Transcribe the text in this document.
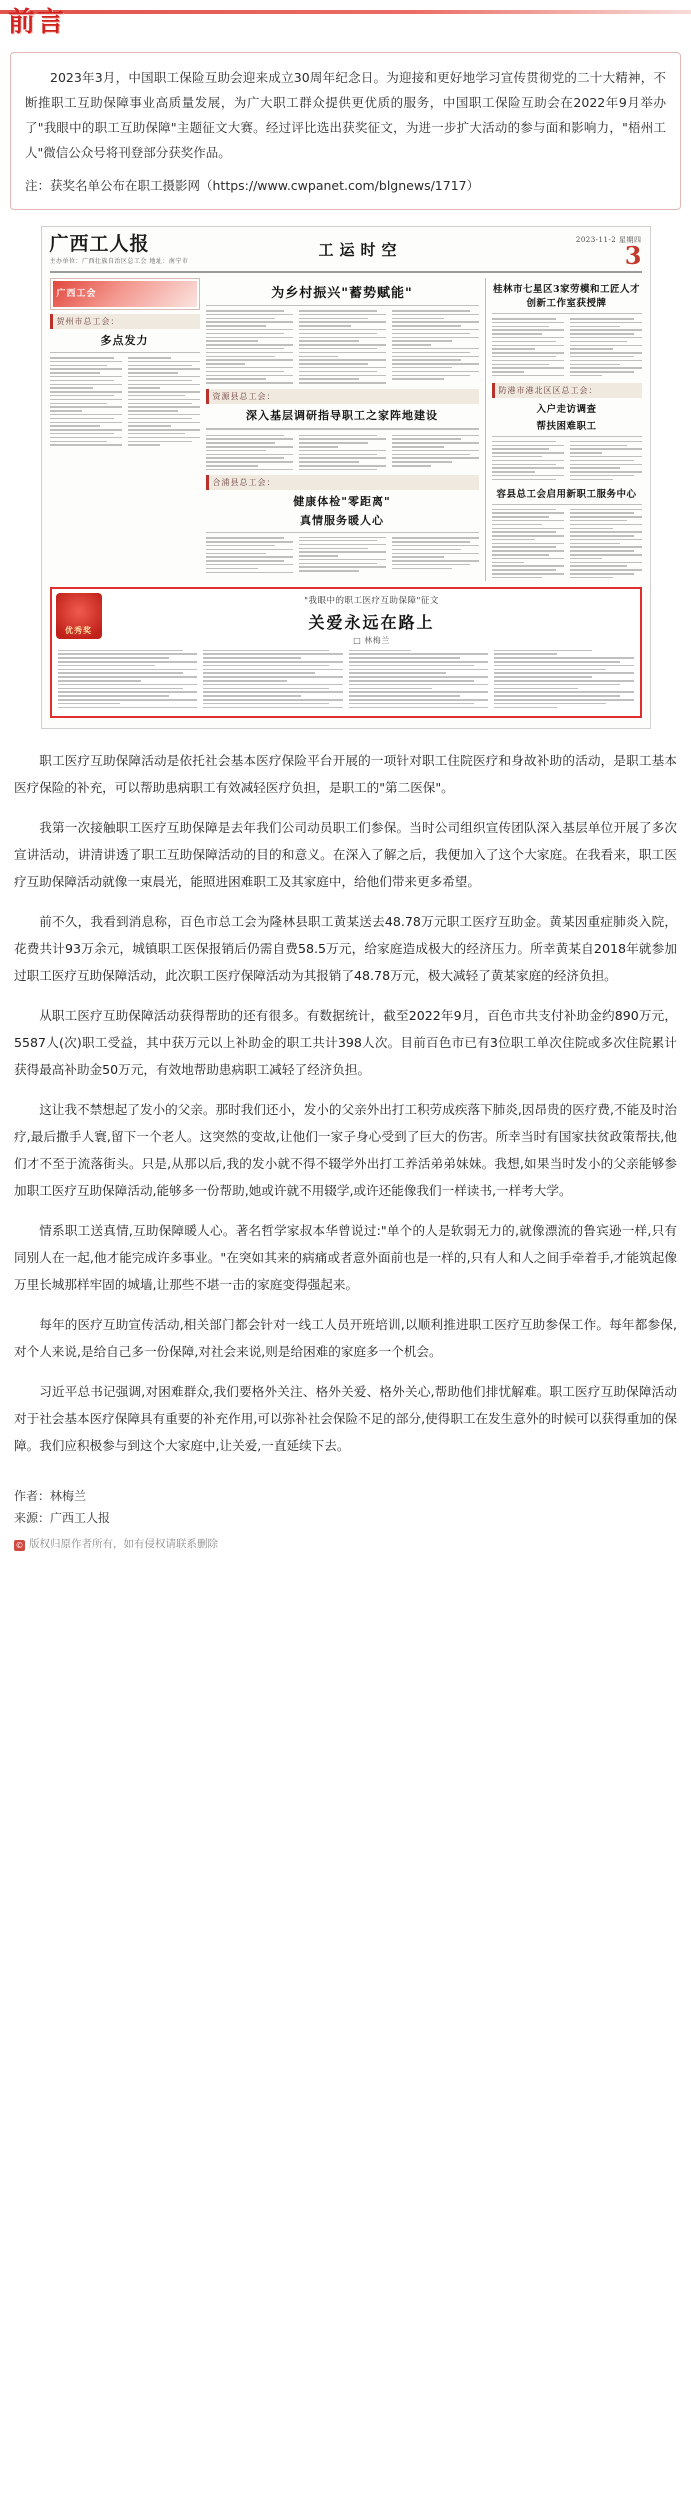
前言

2023年3月，中国职工保险互助会迎来成立30周年纪念日。为迎接和更好地学习宣传贯彻党的二十大精神，不断推职工互助保障事业高质量发展，为广大职工群众提供更优质的服务，中国职工保险互助会在2022年9月举办了"我眼中的职工互助保障"主题征文大赛。经过评比选出获奖征文，为进一步扩大活动的参与面和影响力，"梧州工人"微信公众号将刊登部分获奖作品。

注：获奖名单公布在职工摄影网（https://www.cwpanet.com/blgnews/1717）

广西工人报
主办单位：广西壮族自治区总工会 地址：南宁市
工运时空
2023-11-2 星期四
3
广西工会
贺州市总工会：
多点发力
为乡村振兴"蓄势赋能"
资源县总工会：
深入基层调研指导职工之家阵地建设
合浦县总工会：
健康体检"零距离"
真情服务暖人心
桂林市七星区3家劳模和工匠人才创新工作室获授牌
防港市港北区区总工会：
入户走访调查
帮扶困难职工
容县总工会启用新职工服务中心
优秀奖
"我眼中的职工医疗互助保障"征文
关爱永远在路上
□ 林梅兰

职工医疗互助保障活动是依托社会基本医疗保险平台开展的一项针对职工住院医疗和身故补助的活动，是职工基本医疗保险的补充，可以帮助患病职工有效减轻医疗负担，是职工的"第二医保"。

我第一次接触职工医疗互助保障是去年我们公司动员职工们参保。当时公司组织宣传团队深入基层单位开展了多次宣讲活动，讲清讲透了职工互助保障活动的目的和意义。在深入了解之后，我便加入了这个大家庭。在我看来，职工医疗互助保障活动就像一束晨光，能照进困难职工及其家庭中，给他们带来更多希望。

前不久，我看到消息称，百色市总工会为隆林县职工黄某送去48.78万元职工医疗互助金。黄某因重症肺炎入院，花费共计93万余元，城镇职工医保报销后仍需自费58.5万元，给家庭造成极大的经济压力。所幸黄某自2018年就参加过职工医疗互助保障活动，此次职工医疗保障活动为其报销了48.78万元，极大减轻了黄某家庭的经济负担。

从职工医疗互助保障活动获得帮助的还有很多。有数据统计，截至2022年9月，百色市共支付补助金约890万元，5587人(次)职工受益，其中获万元以上补助金的职工共计398人次。目前百色市已有3位职工单次住院或多次住院累计获得最高补助金50万元，有效地帮助患病职工减轻了经济负担。

这让我不禁想起了发小的父亲。那时我们还小，发小的父亲外出打工积劳成疾落下肺炎,因昂贵的医疗费,不能及时治疗,最后撒手人寰,留下一个老人。这突然的变故,让他们一家子身心受到了巨大的伤害。所幸当时有国家扶贫政策帮扶,他们才不至于流落街头。只是,从那以后,我的发小就不得不辍学外出打工养活弟弟妹妹。我想,如果当时发小的父亲能够参加职工医疗互助保障活动,能够多一份帮助,她或许就不用辍学,或许还能像我们一样读书,一样考大学。

情系职工送真情,互助保障暖人心。著名哲学家叔本华曾说过:"单个的人是软弱无力的,就像漂流的鲁宾逊一样,只有同别人在一起,他才能完成许多事业。"在突如其来的病痛或者意外面前也是一样的,只有人和人之间手牵着手,才能筑起像万里长城那样牢固的城墙,让那些不堪一击的家庭变得强起来。

每年的医疗互助宣传活动,相关部门都会针对一线工人员开班培训,以顺利推进职工医疗互助参保工作。每年都参保,对个人来说,是给自己多一份保障,对社会来说,则是给困难的家庭多一个机会。

习近平总书记强调,对困难群众,我们要格外关注、格外关爱、格外关心,帮助他们排忧解难。职工医疗互助保障活动对于社会基本医疗保障具有重要的补充作用,可以弥补社会保险不足的部分,使得职工在发生意外的时候可以获得重加的保障。我们应积极参与到这个大家庭中,让关爱,一直延续下去。

作者：林梅兰
来源：广西工人报
© 版权归原作者所有，如有侵权请联系删除
